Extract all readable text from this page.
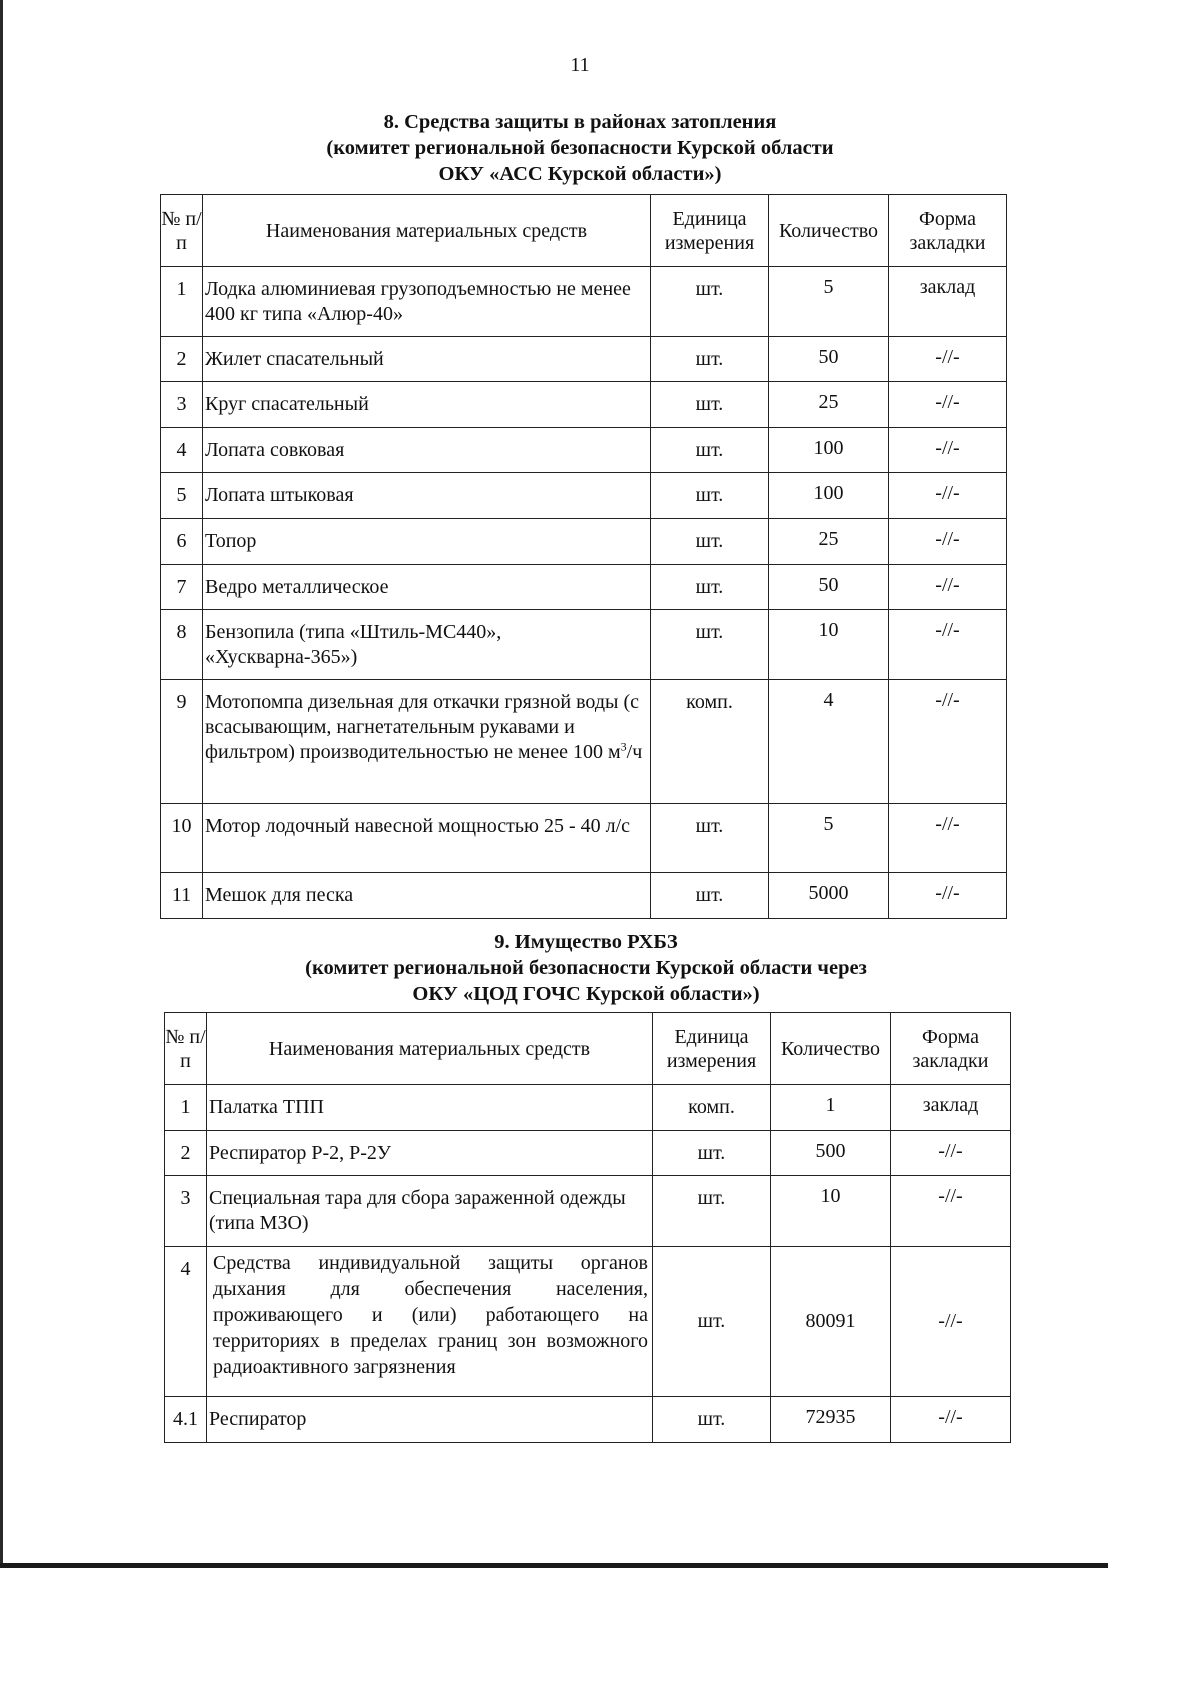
11
8. Средства защиты в районах затопления
(комитет региональной безопасности Курской области
ОКУ «АСС Курской области»)
№ п/п	Наименования материальных средств	Единица измерения	Количество	Форма закладки
1	Лодка алюминиевая грузоподъемностью не менее 400 кг типа «Алюр-40»	шт.	5	заклад
2	Жилет спасательный	шт.	50	-//-
3	Круг спасательный	шт.	25	-//-
4	Лопата совковая	шт.	100	-//-
5	Лопата штыковая	шт.	100	-//-
6	Топор	шт.	25	-//-
7	Ведро металлическое	шт.	50	-//-
8	Бензопила (типа «Штиль-МС440», «Хускварна-365»)	шт.	10	-//-
9	Мотопомпа дизельная для откачки грязной воды (с всасывающим, нагнетательным рукавами и фильтром) производительностью не менее 100 $м^3/ч$	комп.	4	-//-
10	Мотор лодочный навесной мощностью 25 - 40 л/с	шт.	5	-//-
11	Мешок для песка	шт.	5000	-//-
9. Имущество РХБЗ
(комитет региональной безопасности Курской области через
ОКУ «ЦОД ГОЧС Курской области»)
№ п/п	Наименования материальных средств	Единица измерения	Количество	Форма закладки
1	Палатка ТПП	комп.	1	заклад
2	Респиратор Р-2, Р-2У	шт.	500	-//-
3	Специальная тара для сбора зараженной одежды (типа МЗО)	шт.	10	-//-
4	Средства индивидуальной защиты органов дыхания для обеспечения населения, проживающего и (или) работающего на территориях в пределах границ зон возможного радиоактивного загрязнения	шт.	80091	-//-
4.1	Респиратор	шт.	72935	-//-
